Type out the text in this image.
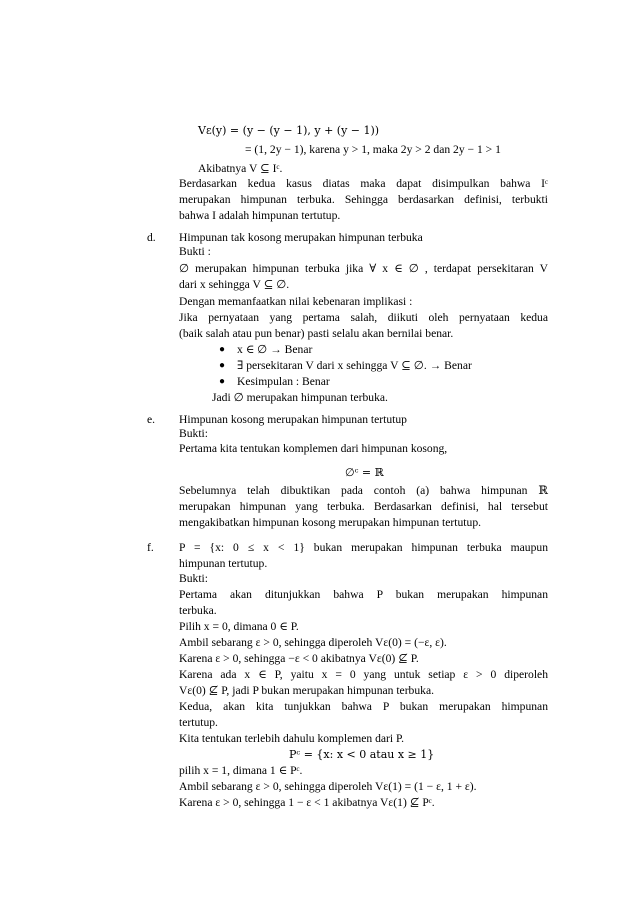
Vε(y) = (y − (y − 1), y + (y − 1))
= (1, 2y − 1), karena y > 1, maka 2y > 2 dan 2y − 1 > 1
Akibatnya V ⊆ Iᶜ.
Berdasarkan kedua kasus diatas maka dapat disimpulkan bahwa Iᶜ
merupakan himpunan terbuka. Sehingga berdasarkan definisi, terbukti
bahwa I adalah himpunan tertutup.
d. Himpunan tak kosong merupakan himpunan terbuka
Bukti :
∅ merupakan himpunan terbuka jika ∀ x ∈ ∅ , terdapat persekitaran V
dari x sehingga V ⊆ ∅.
Dengan memanfaatkan nilai kebenaran implikasi :
Jika pernyataan yang pertama salah, diikuti oleh pernyataan kedua
(baik salah atau pun benar) pasti selalu akan bernilai benar.
● x ∈ ∅ → Benar
● ∃ persekitaran V dari x sehingga V ⊆ ∅. → Benar
● Kesimpulan : Benar
Jadi ∅ merupakan himpunan terbuka.
e. Himpunan kosong merupakan himpunan tertutup
Bukti:
Pertama kita tentukan komplemen dari himpunan kosong,
∅ᶜ = ℝ
Sebelumnya telah dibuktikan pada contoh (a) bahwa himpunan ℝ
merupakan himpunan yang terbuka. Berdasarkan definisi, hal tersebut
mengakibatkan himpunan kosong merupakan himpunan tertutup.
f. P = {x: 0 ≤ x < 1} bukan merupakan himpunan terbuka maupun
himpunan tertutup.
Bukti:
Pertama akan ditunjukkan bahwa P bukan merupakan himpunan
terbuka.
Pilih x = 0, dimana 0 ∈ P.
Ambil sebarang ε > 0, sehingga diperoleh Vε(0) = (−ε, ε).
Karena ε > 0, sehingga −ε < 0 akibatnya Vε(0) ⊈ P.
Karena ada x ∈ P, yaitu x = 0 yang untuk setiap ε > 0 diperoleh
Vε(0) ⊈ P, jadi P bukan merupakan himpunan terbuka.
Kedua, akan kita tunjukkan bahwa P bukan merupakan himpunan
tertutup.
Kita tentukan terlebih dahulu komplemen dari P.
Pᶜ = {x: x < 0 atau x ≥ 1}
pilih x = 1, dimana 1 ∈ Pᶜ.
Ambil sebarang ε > 0, sehingga diperoleh Vε(1) = (1 − ε, 1 + ε).
Karena ε > 0, sehingga 1 − ε < 1 akibatnya Vε(1) ⊈ Pᶜ.
